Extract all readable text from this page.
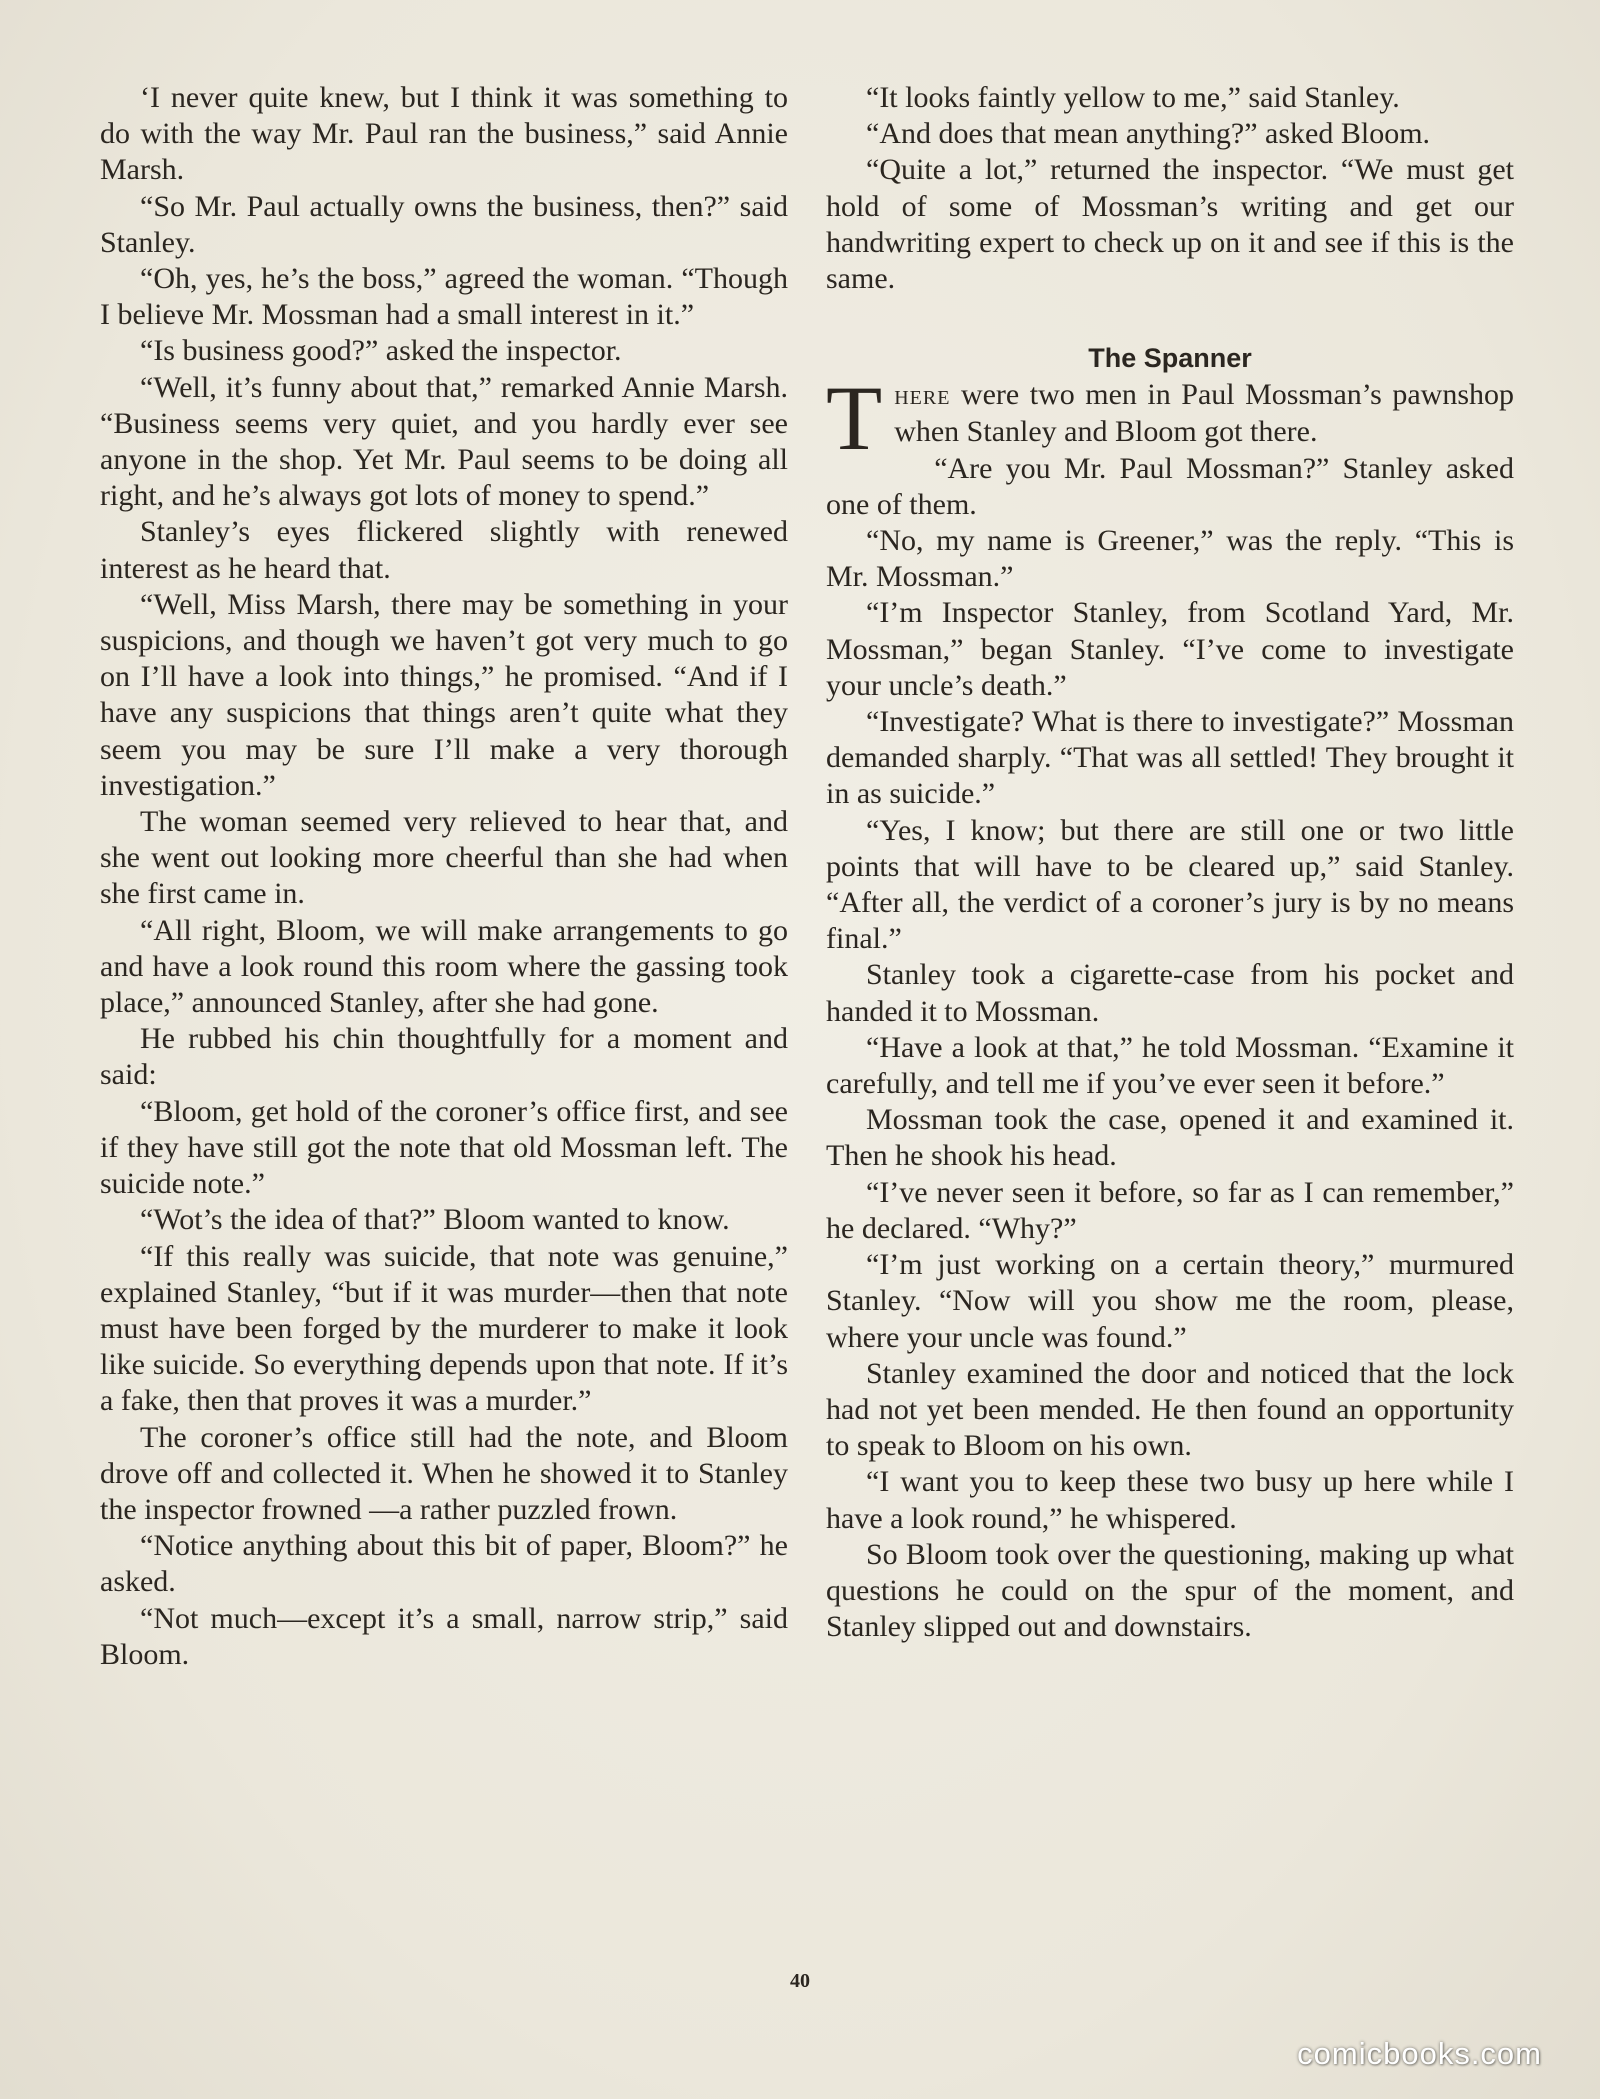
‘I never quite knew, but I think it was something to do with the way Mr. Paul ran the business,” said Annie Marsh.

“So Mr. Paul actually owns the business, then?” said Stanley.

“Oh, yes, he’s the boss,” agreed the woman. “Though I believe Mr. Mossman had a small interest in it.”

“Is business good?” asked the inspector.

“Well, it’s funny about that,” remarked Annie Marsh. “Business seems very quiet, and you hardly ever see anyone in the shop. Yet Mr. Paul seems to be doing all right, and he’s always got lots of money to spend.”

Stanley’s eyes flickered slightly with renewed interest as he heard that.

“Well, Miss Marsh, there may be something in your suspicions, and though we haven’t got very much to go on I’ll have a look into things,” he promised. “And if I have any suspicions that things aren’t quite what they seem you may be sure I’ll make a very thorough investigation.”

The woman seemed very relieved to hear that, and she went out looking more cheerful than she had when she first came in.

“All right, Bloom, we will make arrangements to go and have a look round this room where the gassing took place,” announced Stanley, after she had gone.

He rubbed his chin thoughtfully for a moment and said:

“Bloom, get hold of the coroner’s office first, and see if they have still got the note that old Mossman left. The suicide note.”

“Wot’s the idea of that?” Bloom wanted to know.

“If this really was suicide, that note was genuine,” explained Stanley, “but if it was murder—then that note must have been forged by the murderer to make it look like suicide. So everything depends upon that note. If it’s a fake, then that proves it was a murder.”

The coroner’s office still had the note, and Bloom drove off and collected it. When he showed it to Stanley the inspector frowned —a rather puzzled frown.

“Notice anything about this bit of paper, Bloom?” he asked.

“Not much—except it’s a small, narrow strip,” said Bloom.

“It looks faintly yellow to me,” said Stanley.

“And does that mean anything?” asked Bloom.

“Quite a lot,” returned the inspector. “We must get hold of some of Mossman’s writing and get our handwriting expert to check up on it and see if this is the same.

The Spanner

There were two men in Paul Mossman’s pawnshop when Stanley and Bloom got there.

“Are you Mr. Paul Mossman?” Stanley asked one of them.

“No, my name is Greener,” was the reply. “This is Mr. Mossman.”

“I’m Inspector Stanley, from Scotland Yard, Mr. Mossman,” began Stanley. “I’ve come to investigate your uncle’s death.”

“Investigate? What is there to investigate?” Mossman demanded sharply. “That was all settled! They brought it in as suicide.”

“Yes, I know; but there are still one or two little points that will have to be cleared up,” said Stanley. “After all, the verdict of a coroner’s jury is by no means final.”

Stanley took a cigarette-case from his pocket and handed it to Mossman.

“Have a look at that,” he told Mossman. “Examine it carefully, and tell me if you’ve ever seen it before.”

Mossman took the case, opened it and examined it. Then he shook his head.

“I’ve never seen it before, so far as I can remember,” he declared. “Why?”

“I’m just working on a certain theory,” murmured Stanley. “Now will you show me the room, please, where your uncle was found.”

Stanley examined the door and noticed that the lock had not yet been mended. He then found an opportunity to speak to Bloom on his own.

“I want you to keep these two busy up here while I have a look round,” he whispered.

So Bloom took over the questioning, making up what questions he could on the spur of the moment, and Stanley slipped out and downstairs.

40
comicbooks.com
